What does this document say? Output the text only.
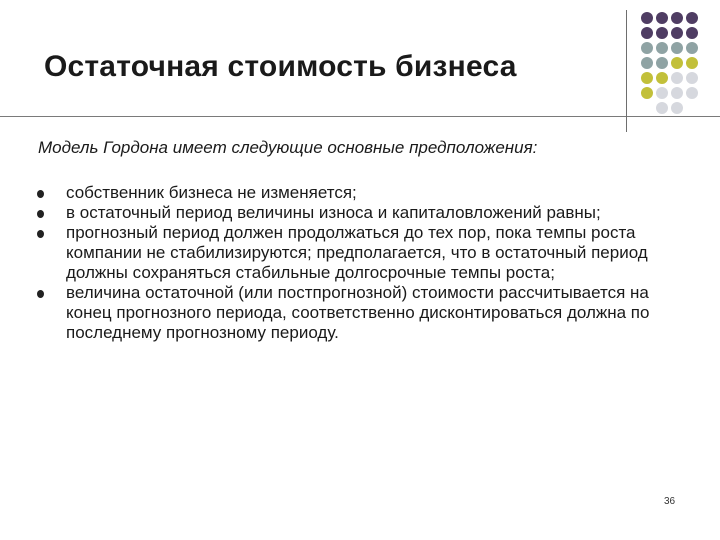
Остаточная стоимость бизнеса
Модель Гордона имеет следующие основные предположения:
собственник бизнеса не изменяется;
в остаточный период величины износа и капиталовложений равны;
прогнозный период должен продолжаться до тех пор, пока темпы роста компании не стабилизируются; предполагается, что в остаточный период должны сохраняться стабильные долгосрочные темпы роста;
величина остаточной (или постпрогнозной) стоимости рассчитывается на конец прогнозного периода, соответственно дисконтироваться должна по последнему прогнозному периоду.
36
